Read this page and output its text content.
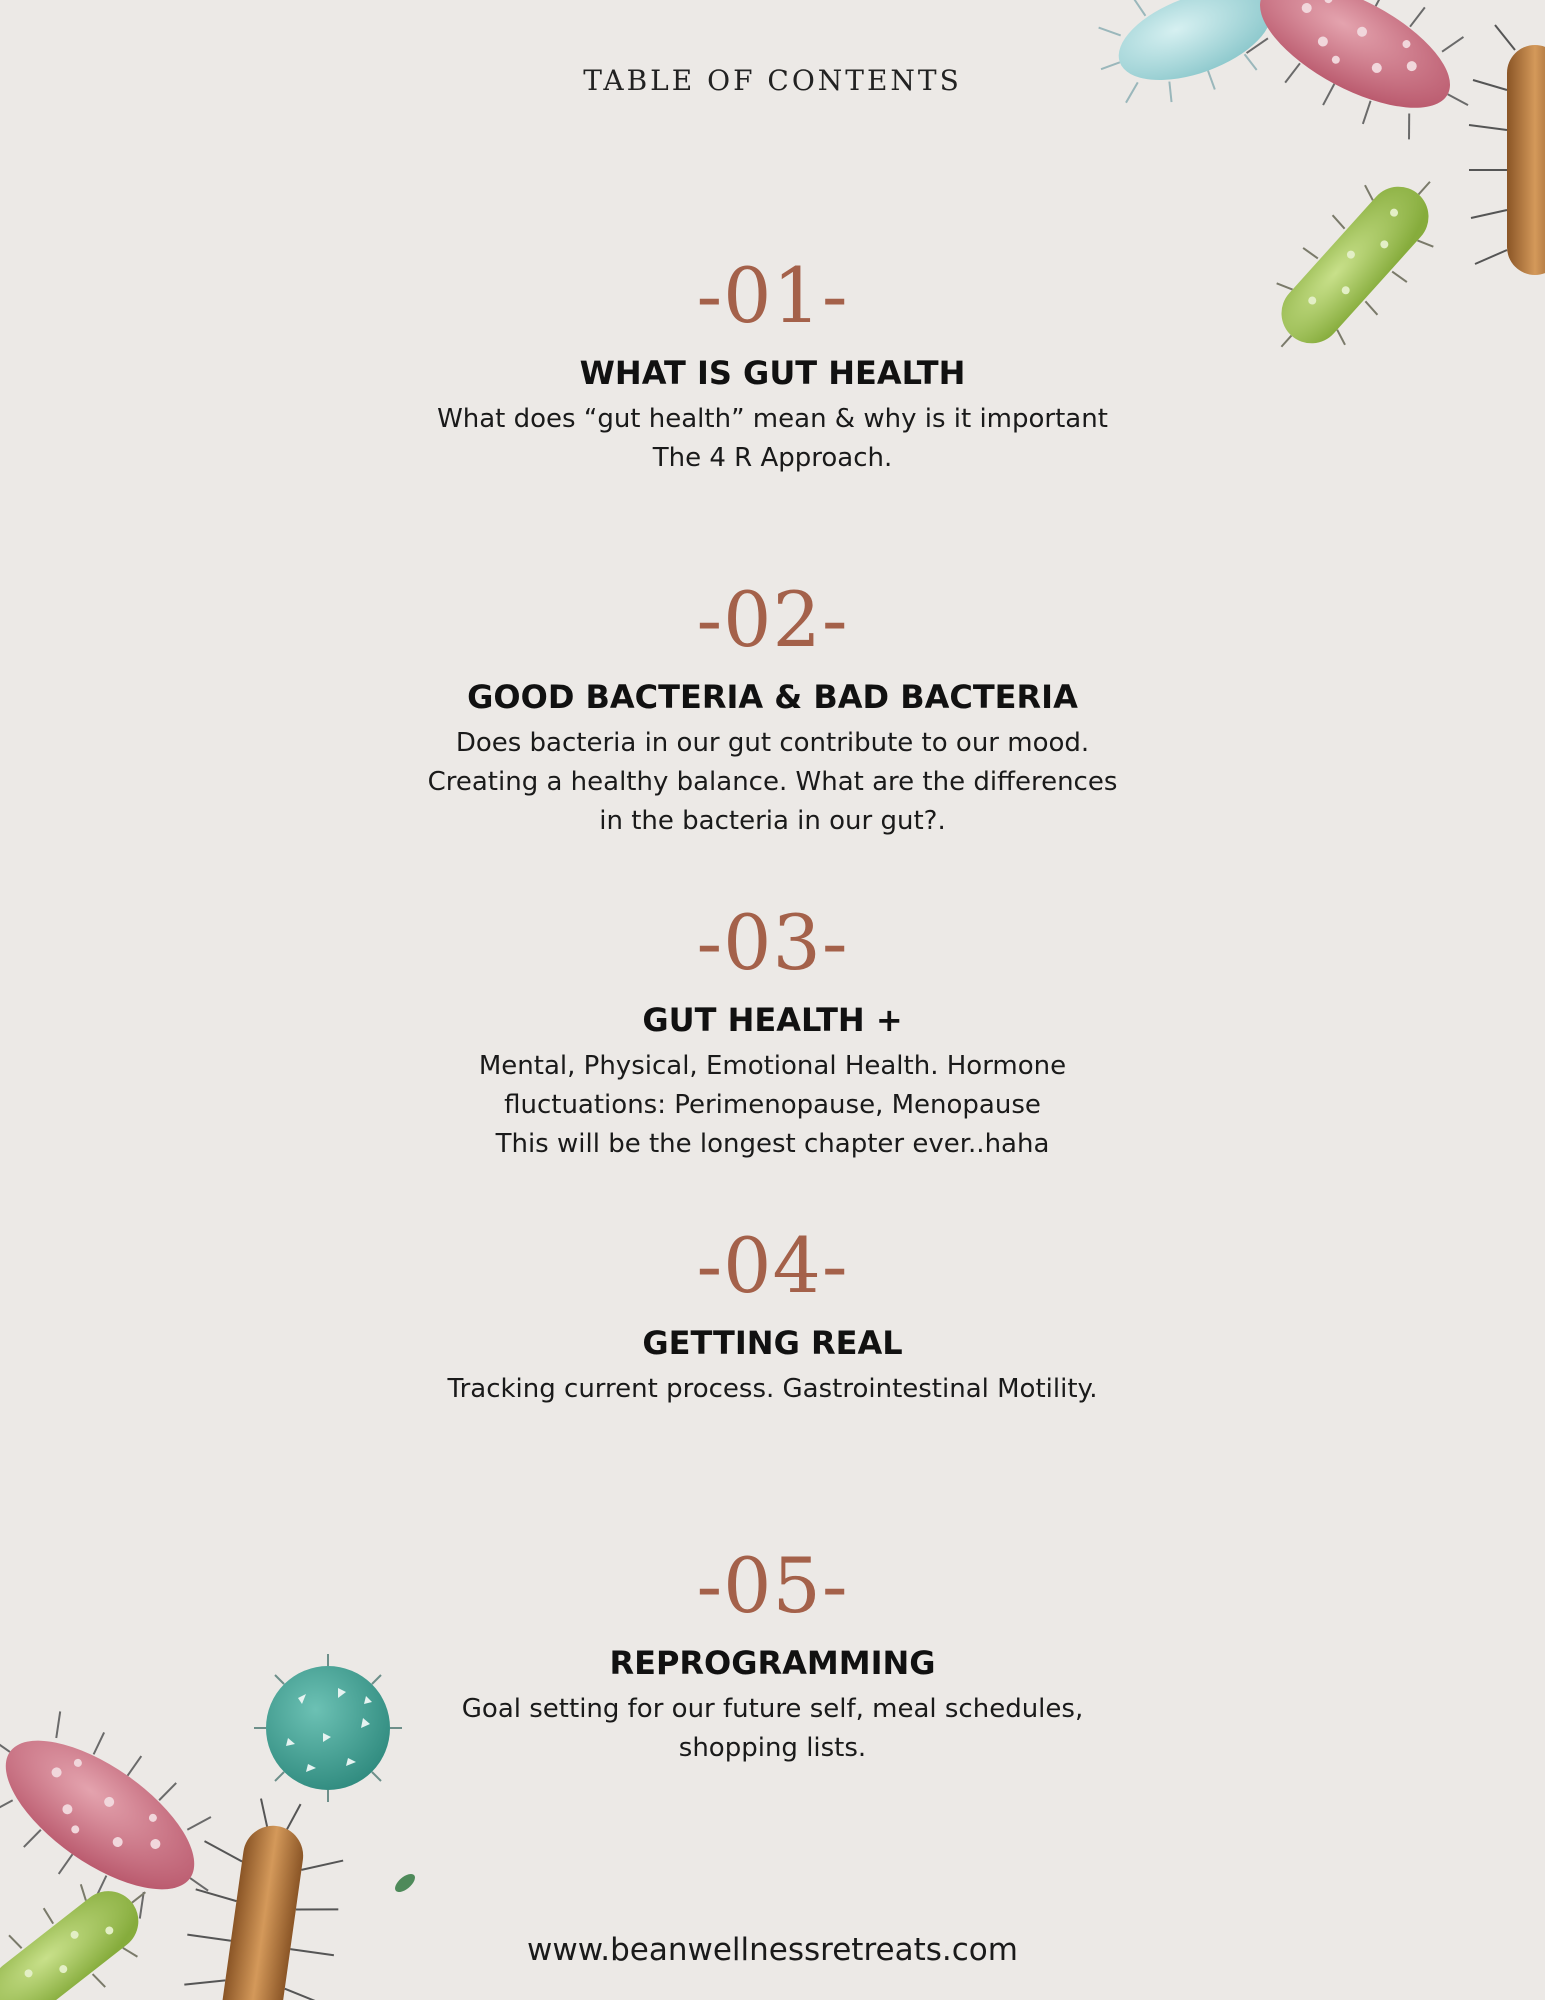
TABLE OF CONTENTS
-01-
WHAT IS GUT HEALTH
What does “gut health” mean & why is it important
The 4 R Approach.
-02-
GOOD BACTERIA & BAD BACTERIA
Does bacteria in our gut contribute to our mood.
Creating a healthy balance. What are the differences
in the bacteria in our gut?.
-03-
GUT HEALTH +
Mental, Physical, Emotional Health. Hormone
fluctuations: Perimenopause, Menopause
This will be the longest chapter ever..haha
-04-
GETTING REAL
Tracking current process. Gastrointestinal Motility.
-05-
REPROGRAMMING
Goal setting for our future self, meal schedules,
shopping lists.
www.beanwellnessretreats.com
